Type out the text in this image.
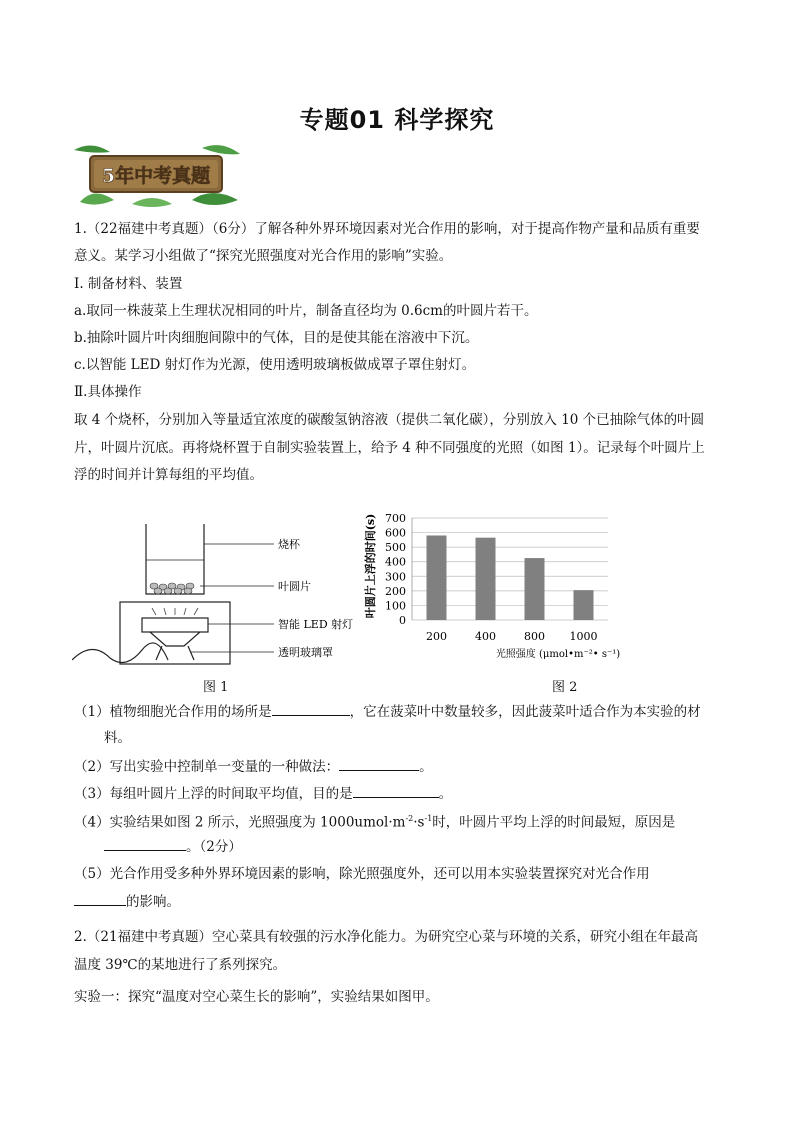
专题01 科学探究
5年中考真题
1.（22福建中考真题）（6分）了解各种外界环境因素对光合作用的影响，对于提高作物产量和品质有重要
意义。某学习小组做了“探究光照强度对光合作用的影响”实验。
I. 制备材料、装置
a.取同一株菠菜上生理状况相同的叶片，制备直径均为 0.6cm的叶圆片若干。
b.抽除叶圆片叶肉细胞间隙中的气体，目的是使其能在溶液中下沉。
c.以智能 LED 射灯作为光源，使用透明玻璃板做成罩子罩住射灯。
Ⅱ.具体操作
取 4 个烧杯，分别加入等量适宜浓度的碳酸氢钠溶液（提供二氧化碳），分别放入 10 个已抽除气体的叶圆
片，叶圆片沉底。再将烧杯置于自制实验装置上，给予 4 种不同强度的光照（如图 1）。记录每个叶圆片上
浮的时间并计算每组的平均值。
烧杯
叶圆片
智能 LED 射灯
透明玻璃罩
0
100
200
300
400
500
600
700
200	400	800 1000
叶圆片上浮的时间(s)
光照强度 (μmol•m⁻²• s⁻¹)
图 1	图 2
（1）植物细胞光合作用的场所是	，它在菠菜叶中数量较多，因此菠菜叶适合作为本实验的材
料。
（2）写出实验中控制单一变量的一种做法：	。
（3）每组叶圆片上浮的时间取平均值，目的是	。
（4）实验结果如图 2 所示，光照强度为 $1000umol\cdot m^{-2}\cdot s^{-1}$时，叶圆片平均上浮的时间最短，原因是
。（2分）
（5）光合作用受多种外界环境因素的影响，除光照强度外，还可以用本实验装置探究对光合作用
的影响。
2.（21福建中考真题）空心菜具有较强的污水净化能力。为研究空心菜与环境的关系，研究小组在年最高
温度 39℃的某地进行了系列探究。
实验一：探究“温度对空心菜生长的影响”，实验结果如图甲。
